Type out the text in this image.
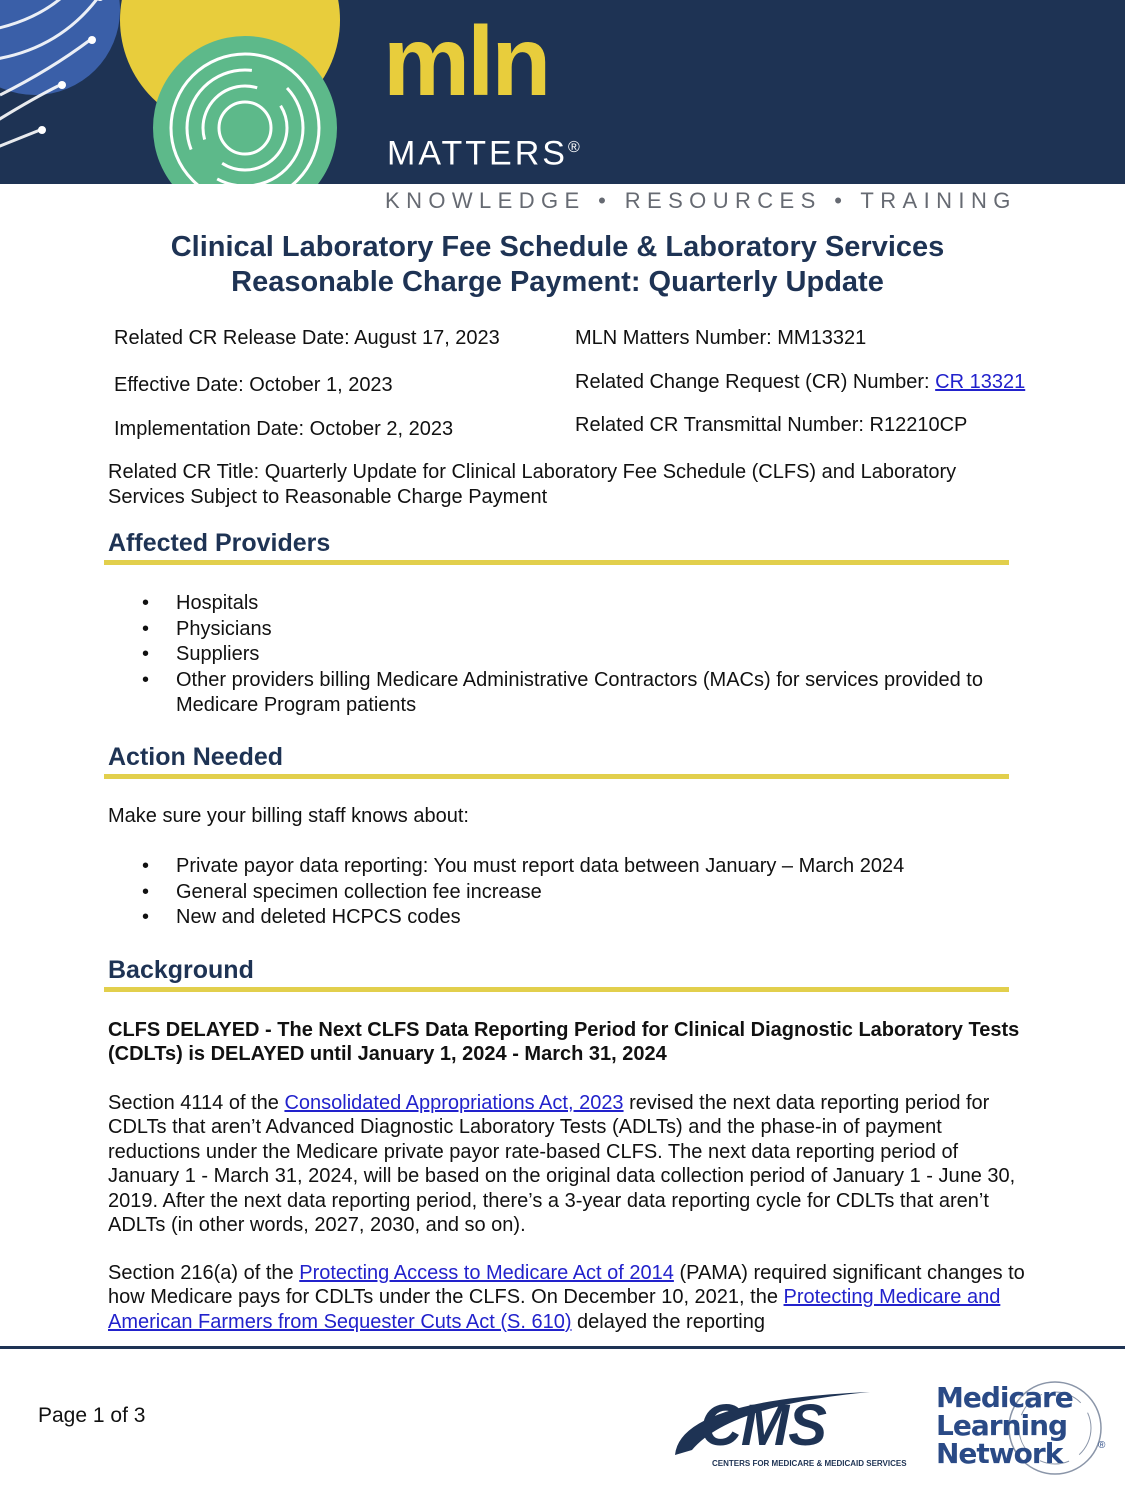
mln

MATTERS®

KNOWLEDGE • RESOURCES • TRAINING
Clinical Laboratory Fee Schedule & Laboratory Services
Reasonable Charge Payment: Quarterly Update
Related CR Release Date: August 17, 2023
Effective Date: October 1, 2023
Implementation Date: October 2, 2023
MLN Matters Number: MM13321
Related Change Request (CR) Number: CR 13321
Related CR Transmittal Number: R12210CP
Related CR Title: Quarterly Update for Clinical Laboratory Fee Schedule (CLFS) and Laboratory Services Subject to Reasonable Charge Payment
Affected Providers
• Hospitals
• Physicians
• Suppliers
• Other providers billing Medicare Administrative Contractors (MACs) for services provided to Medicare Program patients
Action Needed

Make sure your billing staff knows about:

• Private payor data reporting: You must report data between January – March 2024
• General specimen collection fee increase
• New and deleted HCPCS codes
Background

CLFS DELAYED - The Next CLFS Data Reporting Period for Clinical Diagnostic Laboratory Tests (CDLTs) is DELAYED until January 1, 2024 - March 31, 2024

Section 4114 of the Consolidated Appropriations Act, 2023 revised the next data reporting period for CDLTs that aren’t Advanced Diagnostic Laboratory Tests (ADLTs) and the phase-in of payment reductions under the Medicare private payor rate-based CLFS. The next data reporting period of January 1 - March 31, 2024, will be based on the original data collection period of January 1 - June 30, 2019. After the next data reporting period, there’s a 3-year data reporting cycle for CDLTs that aren’t ADLTs (in other words, 2027, 2030, and so on).

Section 216(a) of the Protecting Access to Medicare Act of 2014 (PAMA) required significant changes to how Medicare pays for CDLTs under the CLFS. On December 10, 2021, the Protecting Medicare and American Farmers from Sequester Cuts Act (S. 610) delayed the reporting

Page 1 of 3	CMS
CENTERS FOR MEDICARE & MEDICAID SERVICES
Medicare
Learning
Network	®
